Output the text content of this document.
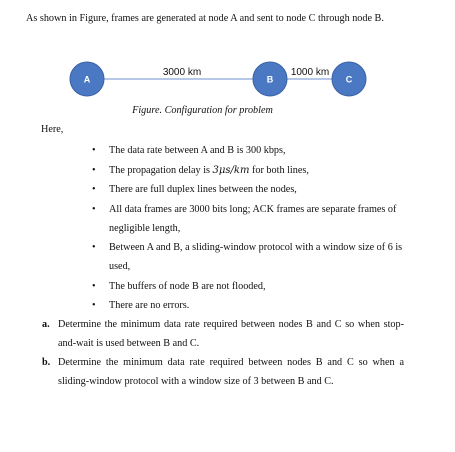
As shown in Figure, frames are generated at node A and sent to node C through node B.

A	B	C
3000 km	1000 km
Figure. Configuration for problem
Here,
• The data rate between A and B is 300 kbps,
• The propagation delay is 3μs/km for both lines,
• There are full duplex lines between the nodes,
• All data frames are 3000 bits long; ACK frames are separate frames of negligible length,
• Between A and B, a sliding-window protocol with a window size of 6 is used,
• The buffers of node B are not flooded,
• There are no errors.
a. Determine the minimum data rate required between nodes B and C so when stop-and-wait is used between B and C.
b. Determine the minimum data rate required between nodes B and C so when a sliding-window protocol with a window size of 3 between B and C.
